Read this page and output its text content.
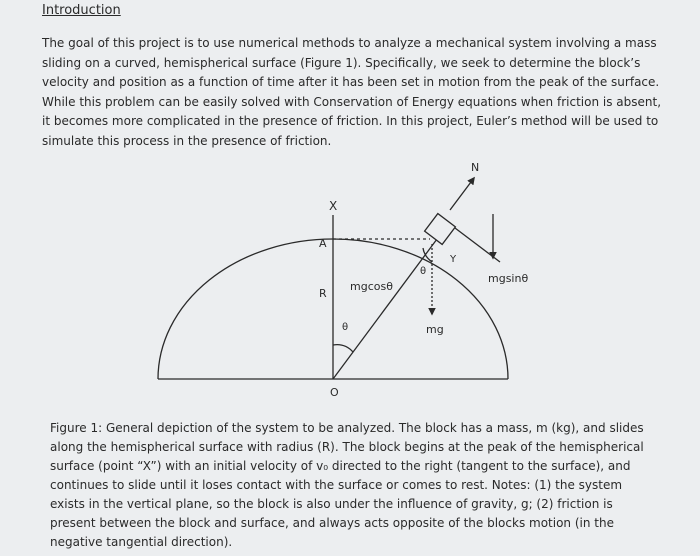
Introduction

The goal of this project is to use numerical methods to analyze a mechanical system involving a mass sliding on a curved, hemispherical surface (Figure 1). Specifically, we seek to determine the block’s velocity and position as a function of time after it has been set in motion from the peak of the surface. While this problem can be easily solved with Conservation of Energy equations when friction is absent, it becomes more complicated in the presence of friction. In this project, Euler’s method will be used to simulate this process in the presence of friction.

N
X
A
Y
θ
mgcosθ
mgsinθ
R
θ	mg
O

Figure 1: General depiction of the system to be analyzed. The block has a mass, m (kg), and slides along the hemispherical surface with radius (R). The block begins at the peak of the hemispherical surface (point “X”) with an initial velocity of v₀ directed to the right (tangent to the surface), and continues to slide until it loses contact with the surface or comes to rest. Notes: (1) the system exists in the vertical plane, so the block is also under the influence of gravity, g; (2) friction is present between the block and surface, and always acts opposite of the blocks motion (in the negative tangential direction).
